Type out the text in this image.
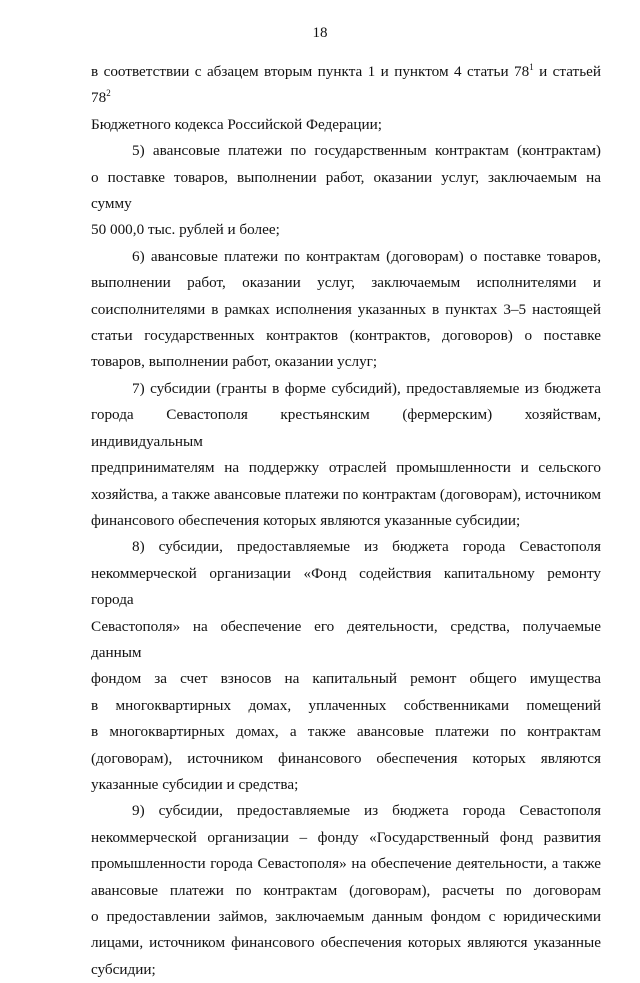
18
в соответствии с абзацем вторым пункта 1 и пунктом 4 статьи $78^1$ и статьей $78^2$
Бюджетного кодекса Российской Федерации;
5) авансовые платежи по государственным контрактам (контрактам)
о поставке товаров, выполнении работ, оказании услуг, заключаемым на сумму
50 000,0 тыс. рублей и более;
6) авансовые платежи по контрактам (договорам) о поставке товаров,
выполнении работ, оказании услуг, заключаемым исполнителями и
соисполнителями в рамках исполнения указанных в пунктах 3–5 настоящей
статьи государственных контрактов (контрактов, договоров) о поставке
товаров, выполнении работ, оказании услуг;
7) субсидии (гранты в форме субсидий), предоставляемые из бюджета
города Севастополя крестьянским (фермерским) хозяйствам, индивидуальным
предпринимателям на поддержку отраслей промышленности и сельского
хозяйства, а также авансовые платежи по контрактам (договорам), источником
финансового обеспечения которых являются указанные субсидии;
8) субсидии, предоставляемые из бюджета города Севастополя
некоммерческой организации «Фонд содействия капитальному ремонту города
Севастополя» на обеспечение его деятельности, средства, получаемые данным
фондом за счет взносов на капитальный ремонт общего имущества
в многоквартирных домах, уплаченных собственниками помещений
в многоквартирных домах, а также авансовые платежи по контрактам
(договорам), источником финансового обеспечения которых являются
указанные субсидии и средства;
9) субсидии, предоставляемые из бюджета города Севастополя
некоммерческой организации – фонду «Государственный фонд развития
промышленности города Севастополя» на обеспечение деятельности, а также
авансовые платежи по контрактам (договорам), расчеты по договорам
о предоставлении займов, заключаемым данным фондом с юридическими
лицами, источником финансового обеспечения которых являются указанные
субсидии;
